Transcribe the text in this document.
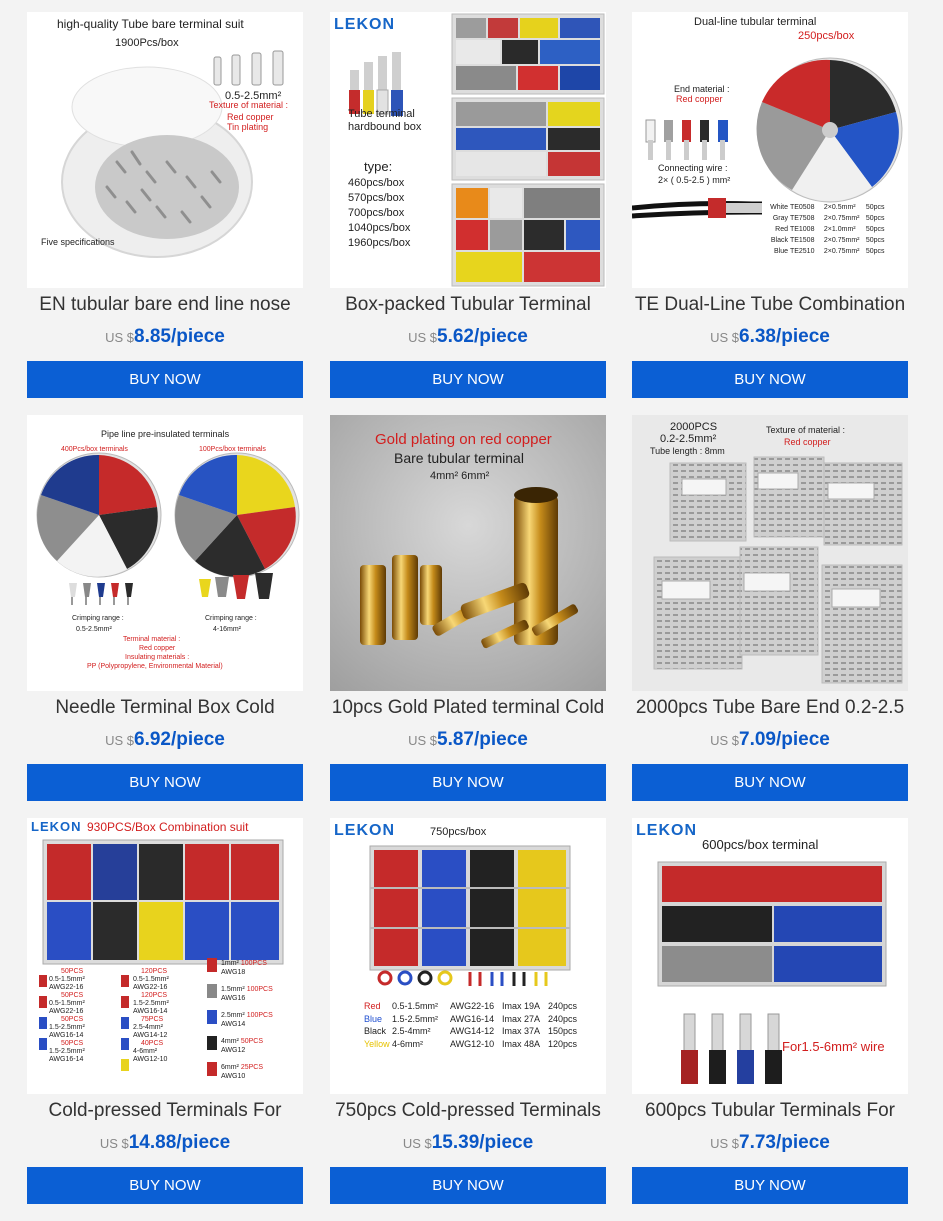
high-quality Tube bare terminal suit
1900Pcs/box
0.5-2.5mm²
Texture of material :
Red copper
Tin plating
Five specifications
EN tubular bare end line nose
US $8.85/piece
BUY NOW
LEKON
Tube terminal
hardbound box
type:
460pcs/box
570pcs/box
700pcs/box
1040pcs/box
1960pcs/box
Box-packed Tubular Terminal
US $5.62/piece
BUY NOW
Dual-line tubular terminal
250pcs/box
End material :
Red copper
Connecting wire :
2× ( 0.5-2.5 ) mm²
White TE0508 2×0.5mm² 50pcs
Gray TE7508 2×0.75mm² 50pcs
Red TE1008 2×1.0mm² 50pcs
Black TE1508 2×0.75mm² 50pcs
Blue TE2510 2×0.75mm² 50pcs
TE Dual-Line Tube Combination
US $6.38/piece
BUY NOW
Pipe line pre-insulated terminals
400Pcs/box terminals	100Pcs/box terminals
Crimping range :
0.5-2.5mm²
Crimping range :
4-16mm²
Terminal material :
Red copper
Insulating materials :
PP (Polypropylene, Environmental Material)
Needle Terminal Box Cold
US $6.92/piece
BUY NOW
Gold plating on red copper
Bare tubular terminal
4mm² 6mm²
10pcs Gold Plated terminal Cold
US $5.87/piece
BUY NOW
2000PCS
0.2-2.5mm²
Tube length : 8mm
Texture of material :
Red copper
2000pcs Tube Bare End 0.2-2.5
US $7.09/piece
BUY NOW
LEKON 930PCS/Box Combination suit
50PCS
0.5-1.5mm²
AWG22-16
50PCS
0.5-1.5mm²
AWG22-16
50PCS
1.5-2.5mm²
AWG16-14
50PCS
1.5-2.5mm²
AWG16-14
120PCS
0.5-1.5mm²
AWG22-16
120PCS
1.5-2.5mm²
AWG16-14
75PCS
2.5-4mm²
AWG14-12
40PCS
4-6mm²
AWG12-10
1mm² 100PCS
AWG18
1.5mm² 100PCS
AWG16
2.5mm² 100PCS
AWG14
4mm² 50PCS
AWG12
6mm² 25PCS
AWG10
Cold-pressed Terminals For
US $14.88/piece
BUY NOW
LEKON	750pcs/box
Red 0.5-1.5mm² AWG22-16 Imax 19A 240pcs
Blue 1.5-2.5mm² AWG16-14 Imax 27A 240pcs
Black 2.5-4mm² AWG14-12 Imax 37A 150pcs
Yellow 4-6mm²	AWG12-10 Imax 48A 120pcs
750pcs Cold-pressed Terminals
US $15.39/piece
BUY NOW
LEKON
600pcs/box terminal
For1.5-6mm² wire
600pcs Tubular Terminals For
US $7.73/piece
BUY NOW
